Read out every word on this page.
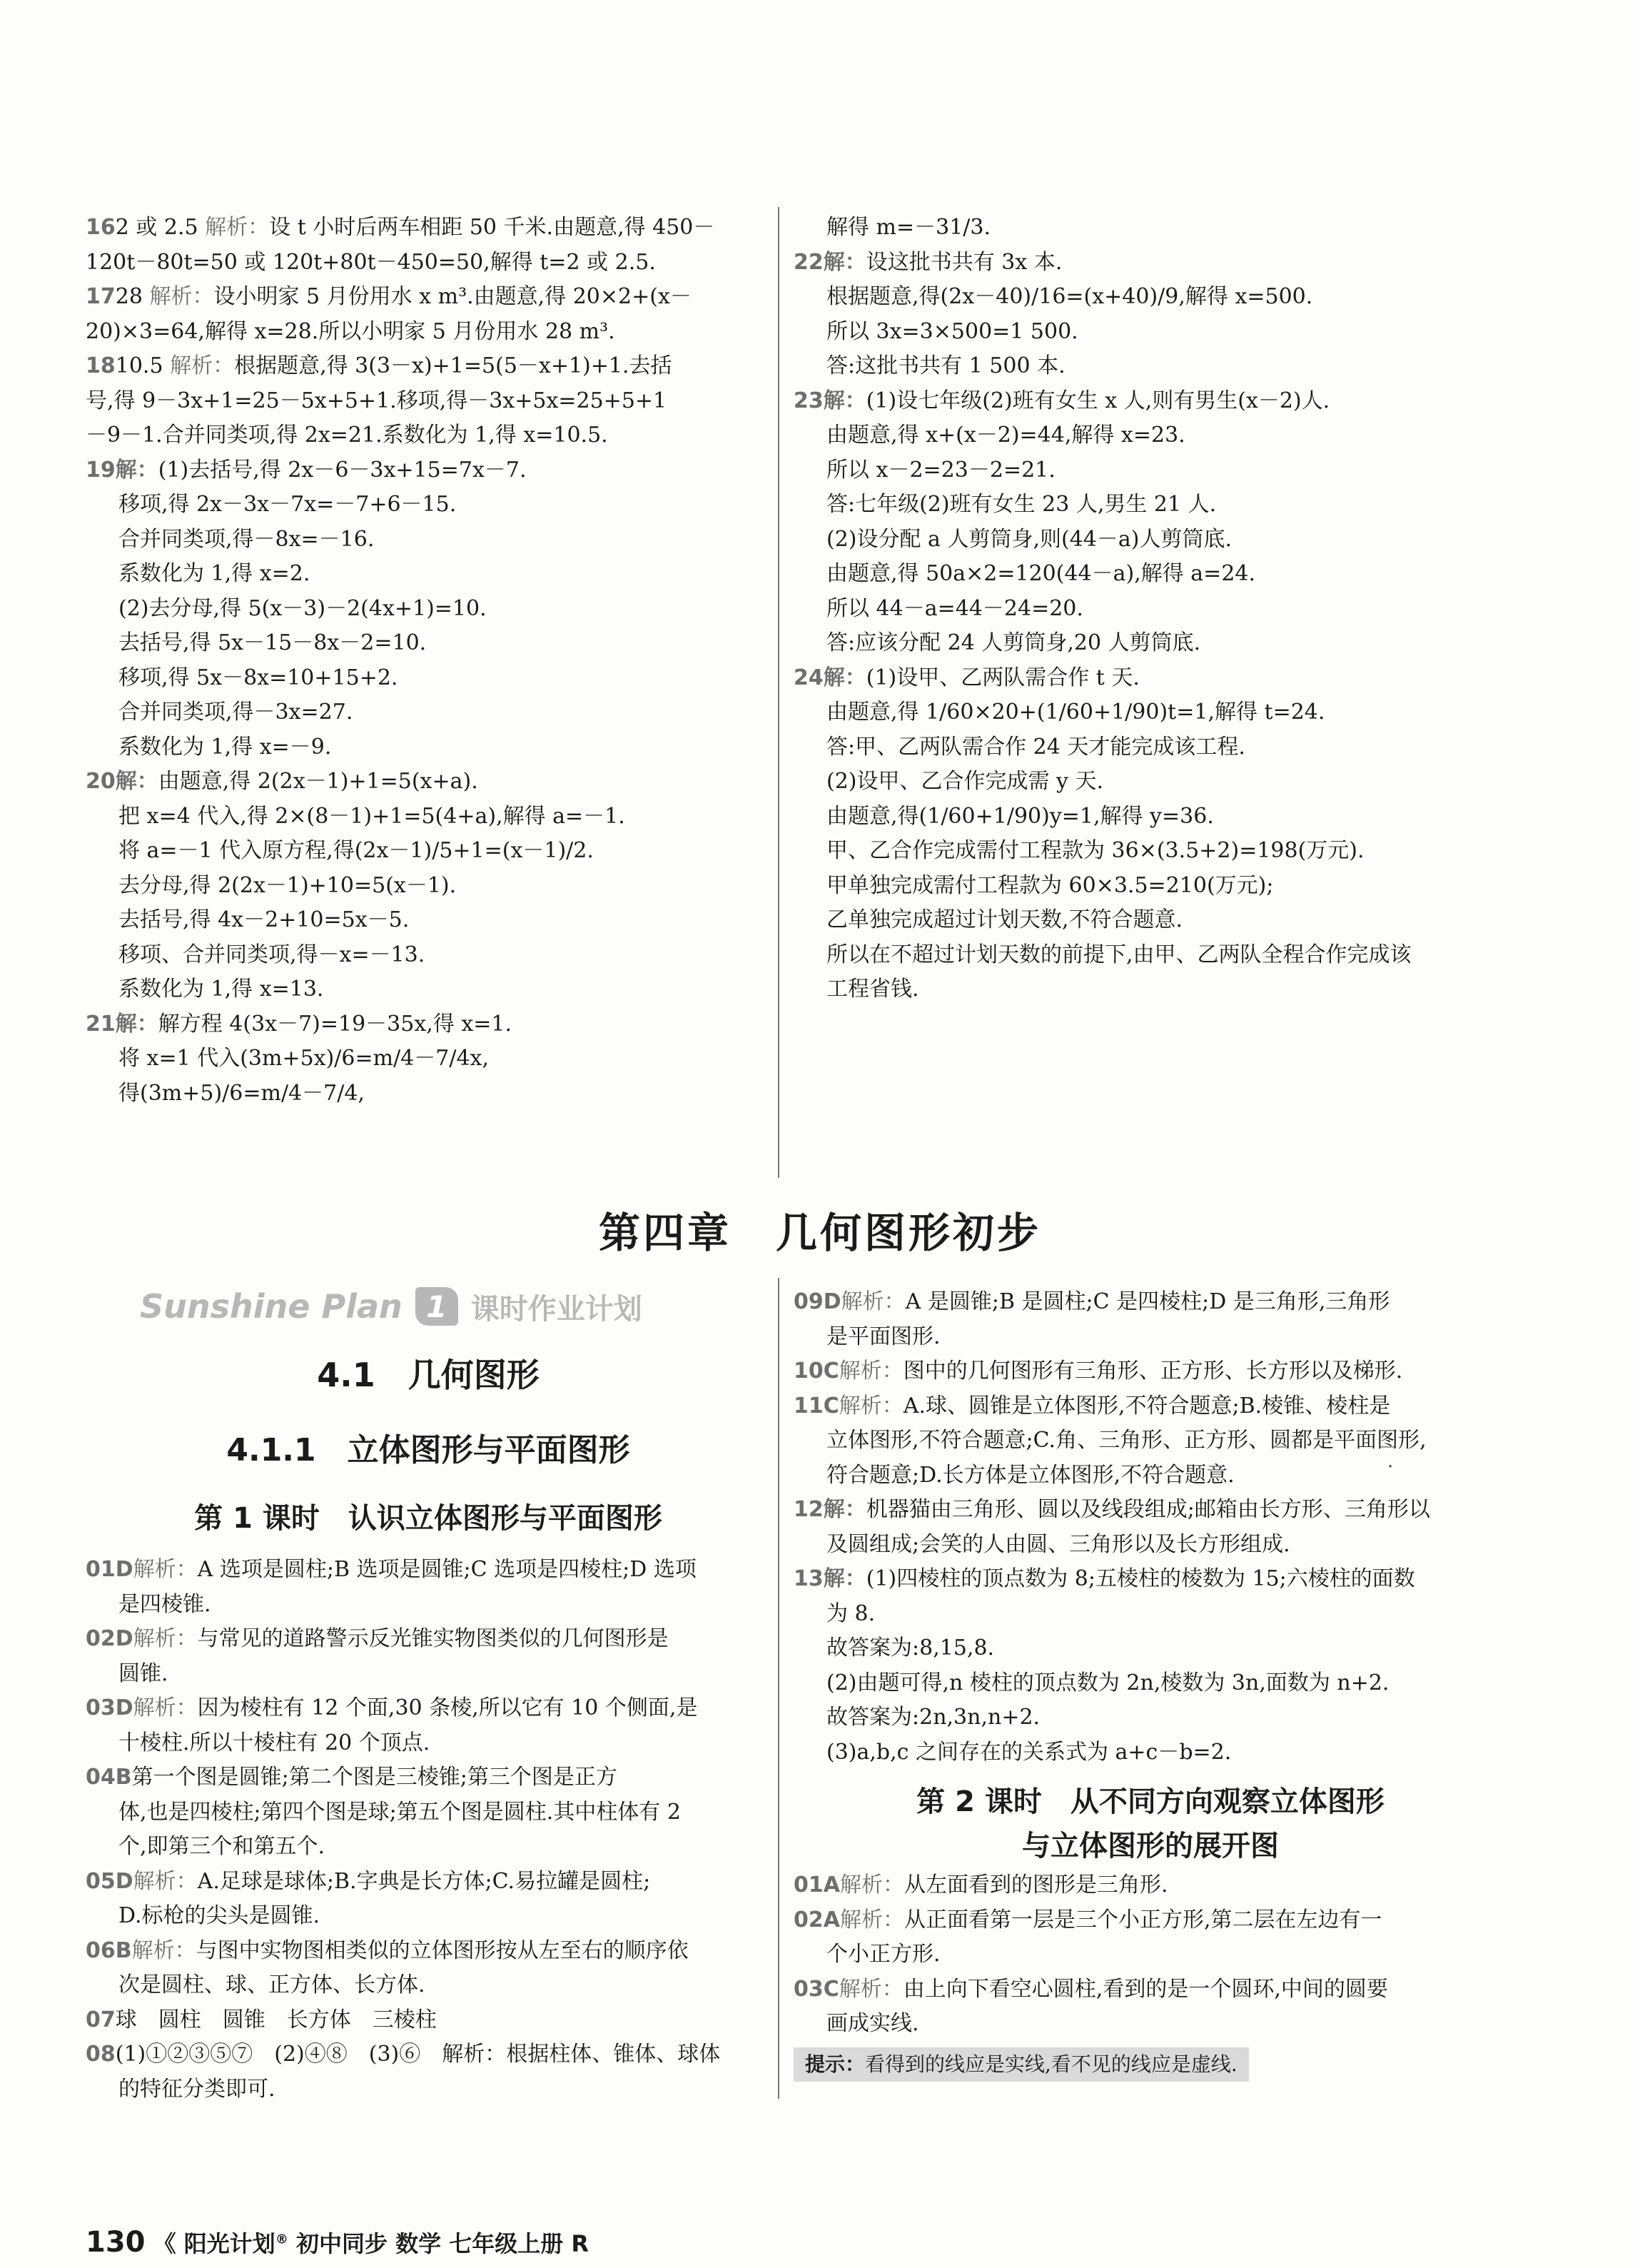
162 或 2.5 解析：设 t 小时后两车相距 50 千米.由题意,得 450－
120t－80t=50 或 120t+80t－450=50,解得 t=2 或 2.5.
1728 解析：设小明家 5 月份用水 x m³.由题意,得 20×2+(x－
20)×3=64,解得 x=28.所以小明家 5 月份用水 28 m³.
1810.5 解析：根据题意,得 3(3－x)+1=5(5－x+1)+1.去括
号,得 9－3x+1=25－5x+5+1.移项,得－3x+5x=25+5+1
－9－1.合并同类项,得 2x=21.系数化为 1,得 x=10.5.
19解：(1)去括号,得 2x－6－3x+15=7x－7.
移项,得 2x－3x－7x=－7+6－15.
合并同类项,得－8x=－16.
系数化为 1,得 x=2.
(2)去分母,得 5(x－3)－2(4x+1)=10.
去括号,得 5x－15－8x－2=10.
移项,得 5x－8x=10+15+2.
合并同类项,得－3x=27.
系数化为 1,得 x=－9.
20解：由题意,得 2(2x－1)+1=5(x+a).
把 x=4 代入,得 2×(8－1)+1=5(4+a),解得 a=－1.
将 a=－1 代入原方程,得(2x－1)/5+1=(x－1)/2.
去分母,得 2(2x－1)+10=5(x－1).
去括号,得 4x－2+10=5x－5.
移项、合并同类项,得－x=－13.
系数化为 1,得 x=13.
21解：解方程 4(3x－7)=19－35x,得 x=1.
将 x=1 代入(3m+5x)/6=m/4－7/4x,
得(3m+5)/6=m/4－7/4,
解得 m=－31/3.
22解：设这批书共有 3x 本.
根据题意,得(2x－40)/16=(x+40)/9,解得 x=500.
所以 3x=3×500=1 500.
答:这批书共有 1 500 本.
23解：(1)设七年级(2)班有女生 x 人,则有男生(x－2)人.
由题意,得 x+(x－2)=44,解得 x=23.
所以 x－2=23－2=21.
答:七年级(2)班有女生 23 人,男生 21 人.
(2)设分配 a 人剪筒身,则(44－a)人剪筒底.
由题意,得 50a×2=120(44－a),解得 a=24.
所以 44－a=44－24=20.
答:应该分配 24 人剪筒身,20 人剪筒底.
24解：(1)设甲、乙两队需合作 t 天.
由题意,得 1/60×20+(1/60+1/90)t=1,解得 t=24.
答:甲、乙两队需合作 24 天才能完成该工程.
(2)设甲、乙合作完成需 y 天.
由题意,得(1/60+1/90)y=1,解得 y=36.
甲、乙合作完成需付工程款为 36×(3.5+2)=198(万元).
甲单独完成需付工程款为 60×3.5=210(万元);
乙单独完成超过计划天数,不符合题意.
所以在不超过计划天数的前提下,由甲、乙两队全程合作完成该
工程省钱.
第四章　几何图形初步
Sunshine Plan 1 课时作业计划
4.1　几何图形
4.1.1　立体图形与平面图形
第 1 课时　认识立体图形与平面图形
01D解析：A 选项是圆柱;B 选项是圆锥;C 选项是四棱柱;D 选项
是四棱锥.
02D解析：与常见的道路警示反光锥实物图类似的几何图形是
圆锥.
03D解析：因为棱柱有 12 个面,30 条棱,所以它有 10 个侧面,是
十棱柱.所以十棱柱有 20 个顶点.
04B第一个图是圆锥;第二个图是三棱锥;第三个图是正方
体,也是四棱柱;第四个图是球;第五个图是圆柱.其中柱体有 2
个,即第三个和第五个.
05D解析：A.足球是球体;B.字典是长方体;C.易拉罐是圆柱;
D.标枪的尖头是圆锥.
06B解析：与图中实物图相类似的立体图形按从左至右的顺序依
次是圆柱、球、正方体、长方体.
07球　圆柱　圆锥　长方体　三棱柱
08(1)①②③⑤⑦　(2)④⑧　(3)⑥　解析：根据柱体、锥体、球体
的特征分类即可.
09D解析：A 是圆锥;B 是圆柱;C 是四棱柱;D 是三角形,三角形
是平面图形.
10C解析：图中的几何图形有三角形、正方形、长方形以及梯形.
11C解析：A.球、圆锥是立体图形,不符合题意;B.棱锥、棱柱是
立体图形,不符合题意;C.角、三角形、正方形、圆都是平面图形,
符合题意;D.长方体是立体图形,不符合题意.
12解：机器猫由三角形、圆以及线段组成;邮箱由长方形、三角形以
及圆组成;会笑的人由圆、三角形以及长方形组成.
13解：(1)四棱柱的顶点数为 8;五棱柱的棱数为 15;六棱柱的面数
为 8.
故答案为:8,15,8.
(2)由题可得,n 棱柱的顶点数为 2n,棱数为 3n,面数为 n+2.
故答案为:2n,3n,n+2.
(3)a,b,c 之间存在的关系式为 a+c－b=2.
第 2 课时　从不同方向观察立体图形
与立体图形的展开图
01A解析：从左面看到的图形是三角形.
02A解析：从正面看第一层是三个小正方形,第二层在左边有一
个小正方形.
03C解析：由上向下看空心圆柱,看到的是一个圆环,中间的圆要
画成实线.
提示：看得到的线应是实线,看不见的线应是虚线.
130 《 阳光计划® 初中同步 数学 七年级上册 R
·
